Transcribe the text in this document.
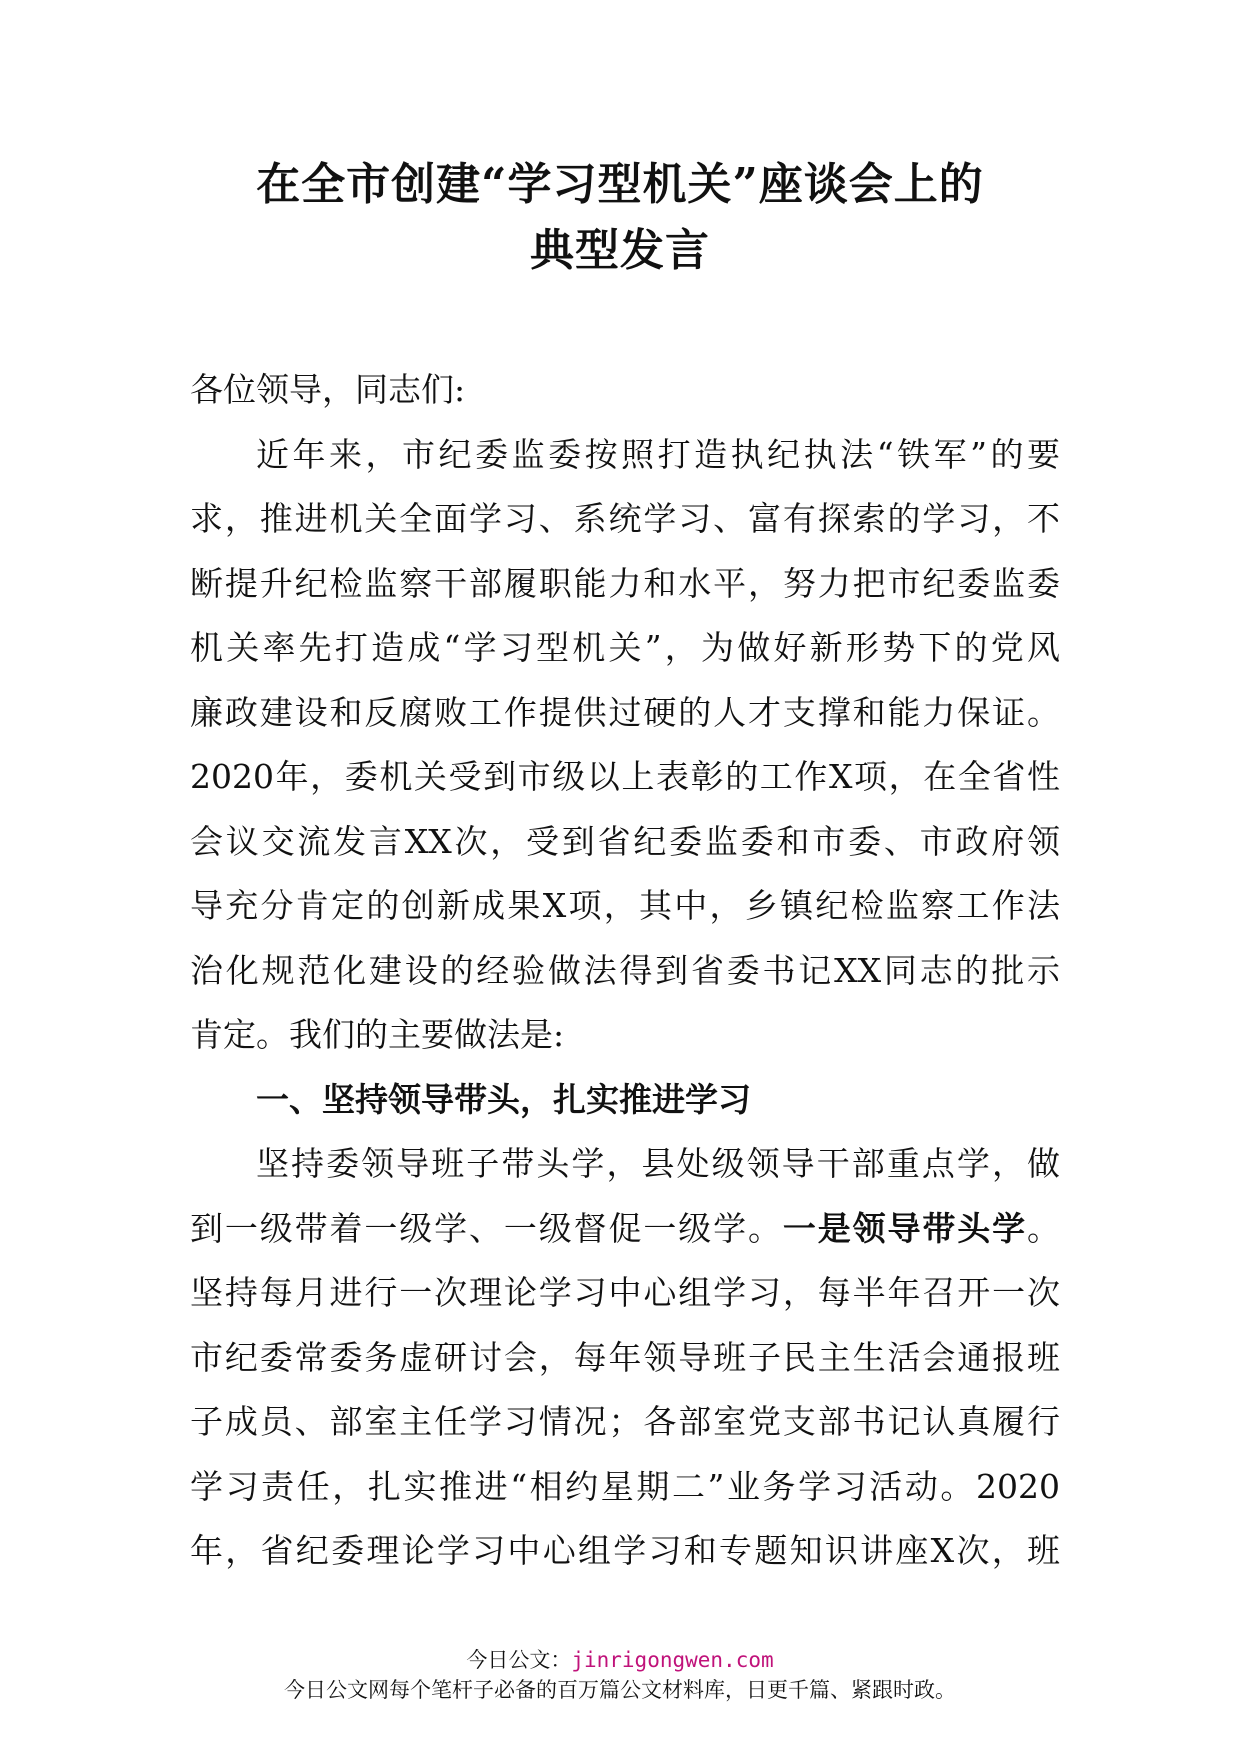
在全市创建“学习型机关”座谈会上的
典型发言
各位领导，同志们:
近年来，市纪委监委按照打造执纪执法“铁军”的要
求，推进机关全面学习、系统学习、富有探索的学习，不
断提升纪检监察干部履职能力和水平，努力把市纪委监委
机关率先打造成“学习型机关”，为做好新形势下的党风
廉政建设和反腐败工作提供过硬的人才支撑和能力保证。
2020年，委机关受到市级以上表彰的工作X项，在全省性
会议交流发言XX次，受到省纪委监委和市委、市政府领
导充分肯定的创新成果X项，其中，乡镇纪检监察工作法
治化规范化建设的经验做法得到省委书记XX同志的批示
肯定。我们的主要做法是:
一、坚持领导带头，扎实推进学习
坚持委领导班子带头学，县处级领导干部重点学，做
到一级带着一级学、一级督促一级学。一是领导带头学。
坚持每月进行一次理论学习中心组学习，每半年召开一次
市纪委常委务虚研讨会，每年领导班子民主生活会通报班
子成员、部室主任学习情况；各部室党支部书记认真履行
学习责任，扎实推进“相约星期二”业务学习活动。2020
年，省纪委理论学习中心组学习和专题知识讲座X次，班
今日公文：jinrigongwen.com
今日公文网每个笔杆子必备的百万篇公文材料库，日更千篇、紧跟时政。
